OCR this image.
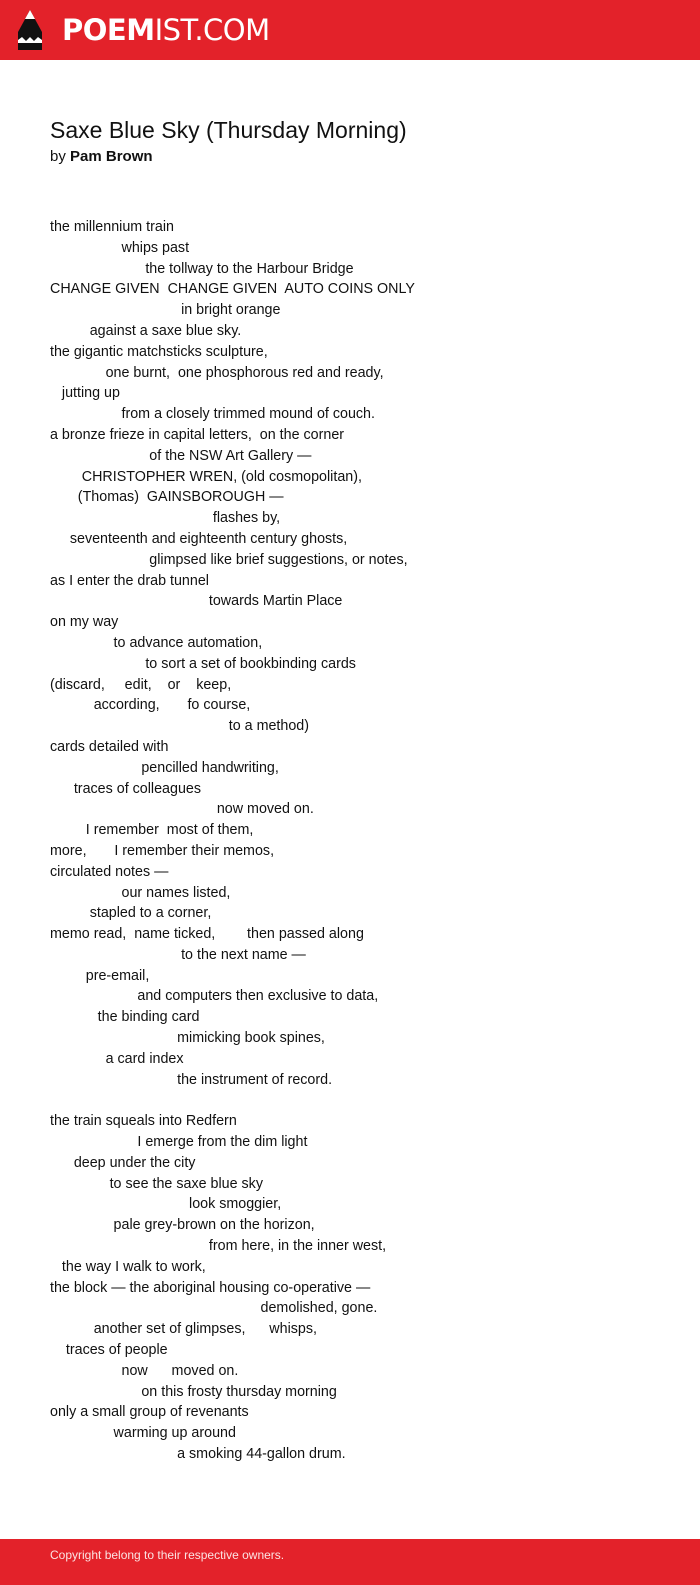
POEMIST.COM
Saxe Blue Sky (Thursday Morning)
by Pam Brown
the millennium train
whips past
the tollway to the Harbour Bridge
CHANGE GIVEN  CHANGE GIVEN  AUTO COINS ONLY
in bright orange
against a saxe blue sky.
the gigantic matchsticks sculpture,
one burnt,  one phosphorous red and ready,
jutting up
from a closely trimmed mound of couch.
a bronze frieze in capital letters,  on the corner
of the NSW Art Gallery —
CHRISTOPHER WREN, (old cosmopolitan),
(Thomas)  GAINSBOROUGH —
flashes by,
seventeenth and eighteenth century ghosts,
glimpsed like brief suggestions, or notes,
as I enter the drab tunnel
towards Martin Place
on my way
to advance automation,
to sort a set of bookbinding cards
(discard,     edit,    or    keep,
according,       fo course,
to a method)
cards detailed with
pencilled handwriting,
traces of colleagues
now moved on.
I remember  most of them,
more,       I remember their memos,
circulated notes —
our names listed,
stapled to a corner,
memo read,  name ticked,        then passed along
to the next name —
pre-email,
and computers then exclusive to data,
the binding card
mimicking book spines,
a card index
the instrument of record.
the train squeals into Redfern
I emerge from the dim light
deep under the city
to see the saxe blue sky
look smoggier,
pale grey-brown on the horizon,
from here, in the inner west,
the way I walk to work,
the block — the aboriginal housing co-operative —
demolished, gone.
another set of glimpses,      whisps,
traces of people
now      moved on.
on this frosty thursday morning
only a small group of revenants
warming up around
a smoking 44-gallon drum.
Copyright belong to their respective owners.
